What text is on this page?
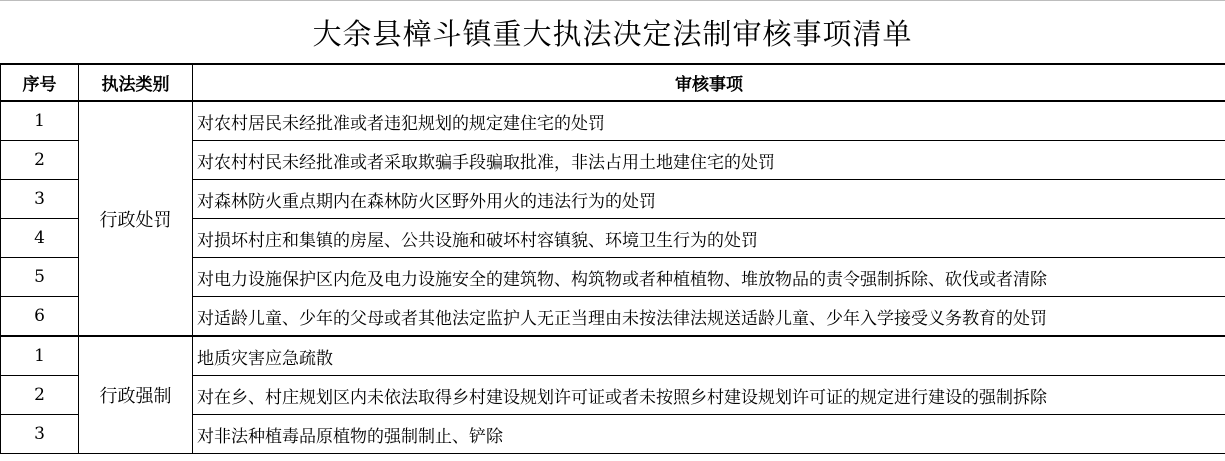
大余县樟斗镇重大执法决定法制审核事项清单
序号	执法类别	审核事项
1	行政处罚	对农村居民未经批准或者违犯规划的规定建住宅的处罚
2		对农村村民未经批准或者采取欺骗手段骗取批准，非法占用土地建住宅的处罚
3		对森林防火重点期内在森林防火区野外用火的违法行为的处罚
4		对损坏村庄和集镇的房屋、公共设施和破坏村容镇貌、环境卫生行为的处罚
5		对电力设施保护区内危及电力设施安全的建筑物、构筑物或者种植植物、堆放物品的责令强制拆除、砍伐或者清除
6		对适龄儿童、少年的父母或者其他法定监护人无正当理由未按法律法规送适龄儿童、少年入学接受义务教育的处罚
1	行政强制	地质灾害应急疏散
2		对在乡、村庄规划区内未依法取得乡村建设规划许可证或者未按照乡村建设规划许可证的规定进行建设的强制拆除
3		对非法种植毒品原植物的强制制止、铲除
